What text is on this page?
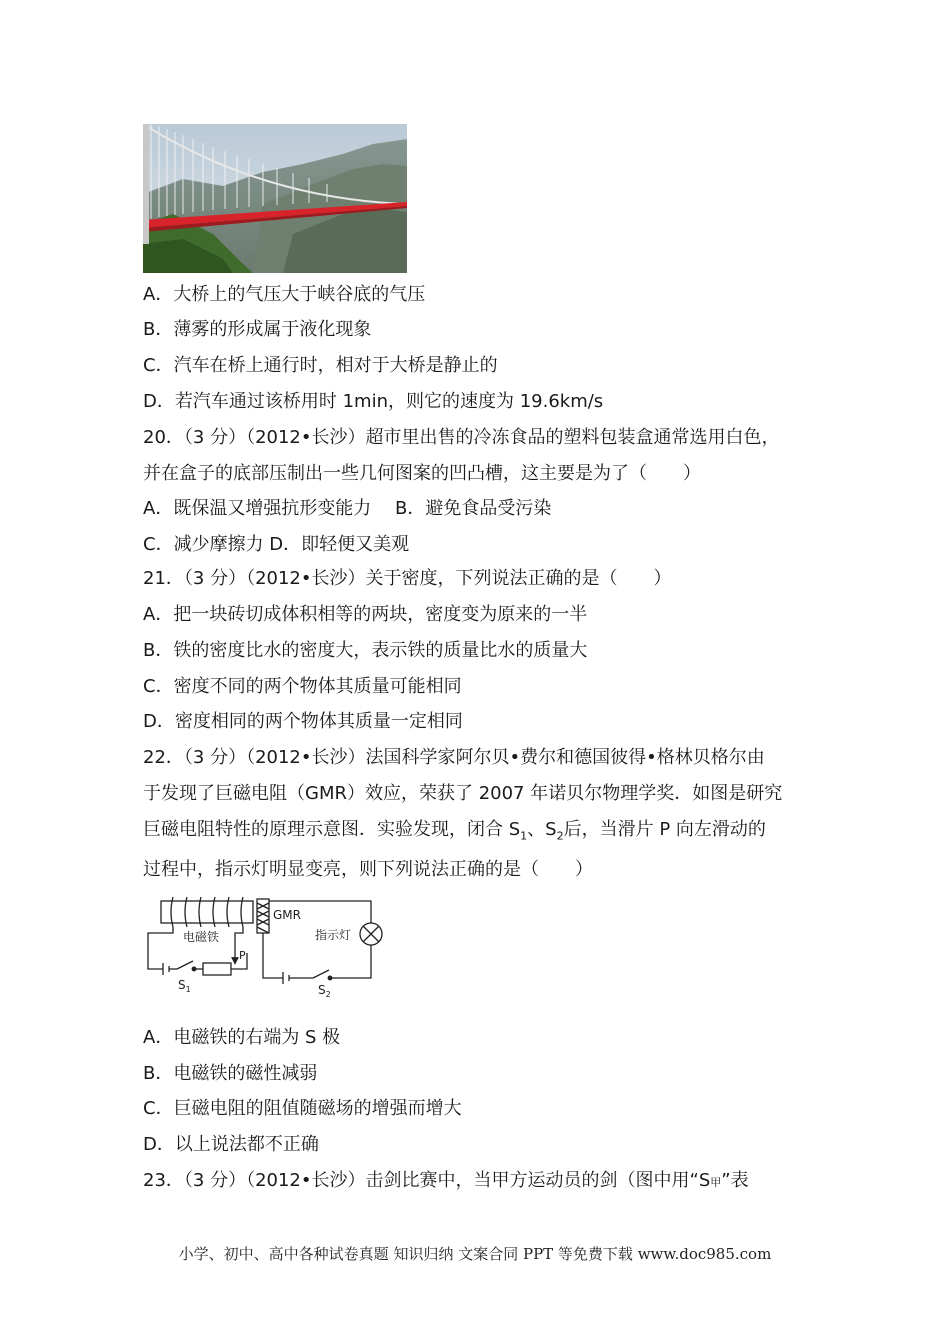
A．大桥上的气压大于峡谷底的气压
B．薄雾的形成属于液化现象
C．汽车在桥上通行时，相对于大桥是静止的
D．若汽车通过该桥用时 1min，则它的速度为 19.6km/s
20．（3 分）（2012•长沙）超市里出售的冷冻食品的塑料包装盒通常选用白色，
并在盒子的底部压制出一些几何图案的凹凸槽，这主要是为了（　　）
A．既保温又增强抗形变能力　 B．避免食品受污染
C．减少摩擦力 D．即轻便又美观
21．（3 分）（2012•长沙）关于密度，下列说法正确的是（　　）
A．把一块砖切成体积相等的两块，密度变为原来的一半
B．铁的密度比水的密度大，表示铁的质量比水的质量大
C．密度不同的两个物体其质量可能相同
D．密度相同的两个物体其质量一定相同
22．（3 分）（2012•长沙）法国科学家阿尔贝•费尔和德国彼得•格林贝格尔由
于发现了巨磁电阻（GMR）效应，荣获了 2007 年诺贝尔物理学奖．如图是研究
巨磁电阻特性的原理示意图．实验发现，闭合 $S_1$、$S_2$后，当滑片 P 向左滑动的
过程中，指示灯明显变亮，则下列说法正确的是（　　）
电磁铁
GMR
指示灯
P
$S_1$	$S_2$
A．电磁铁的右端为 S 极
B．电磁铁的磁性减弱
C．巨磁电阻的阻值随磁场的增强而增大
D．以上说法都不正确
23．（3 分）（2012•长沙）击剑比赛中，当甲方运动员的剑（图中用“S甲”表
小学、初中、高中各种试卷真题 知识归纳 文案合同 PPT 等免费下载 www.doc985.com
